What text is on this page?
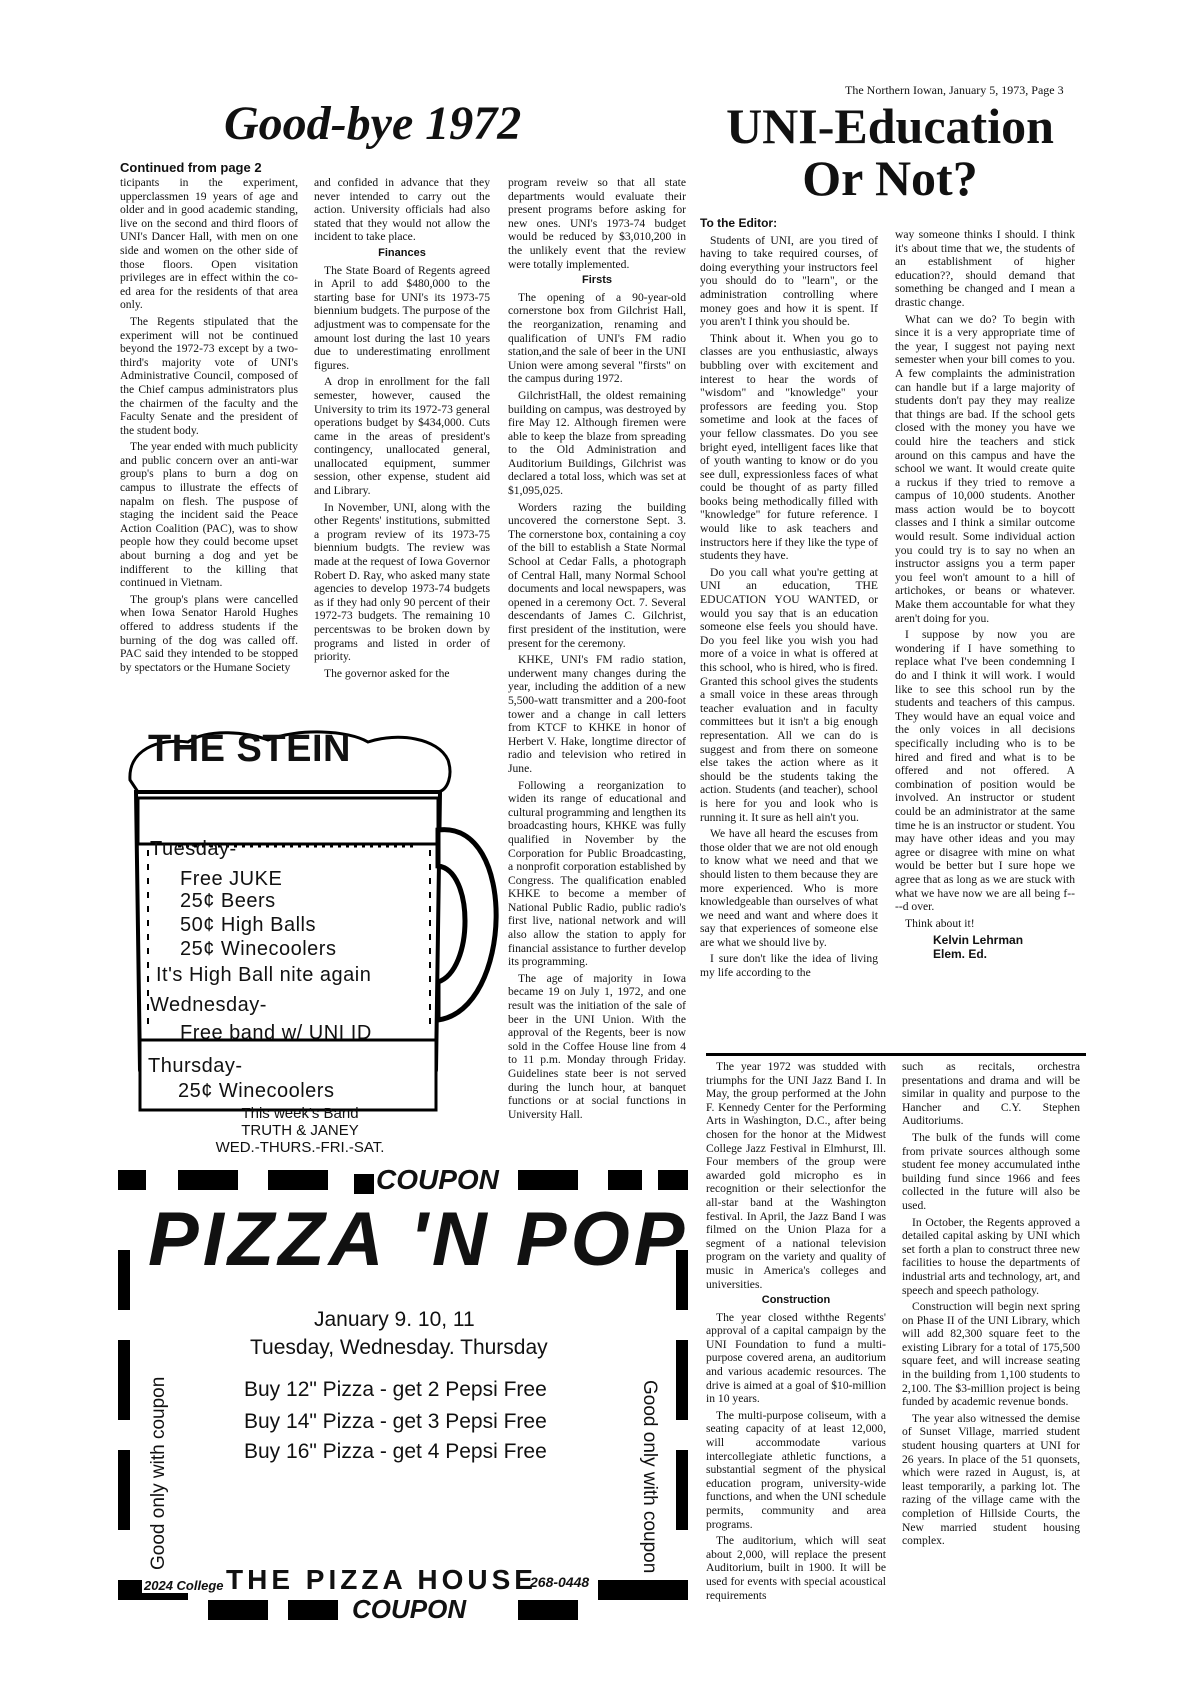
The Northern Iowan, January 5, 1973, Page 3
Good-bye 1972
Continued from page 2

ticipants in the experiment, upperclassmen 19 years of age and older and in good academic standing, live on the second and third floors of UNI's Dancer Hall, with men on one side and women on the other side of those floors. Open visitation privileges are in effect within the co-ed area for the residents of that area only.

The Regents stipulated that the experiment will not be continued beyond the 1972-73 except by a two-third's majority vote of UNI's Administrative Council, composed of the Chief campus administrators plus the chairmen of the faculty and the Faculty Senate and the president of the student body.

The year ended with much publicity and public concern over an anti-war group's plans to burn a dog on campus to illustrate the effects of napalm on flesh. The puspose of staging the incident said the Peace Action Coalition (PAC), was to show people how they could become upset about burning a dog and yet be indifferent to the killing that continued in Vietnam.

The group's plans were cancelled when Iowa Senator Harold Hughes offered to address students if the burning of the dog was called off. PAC said they intended to be stopped by spectators or the Humane Society

and confided in advance that they never intended to carry out the action. University officials had also stated that they would not allow the incident to take place.

Finances

The State Board of Regents agreed in April to add $480,000 to the starting base for UNI's its 1973-75 biennium budgets. The purpose of the adjustment was to compensate for the amount lost during the last 10 years due to underestimating enrollment figures.

A drop in enrollment for the fall semester, however, caused the University to trim its 1972-73 general operations budget by $434,000. Cuts came in the areas of president's contingency, unallocated general, unallocated equipment, summer session, other expense, student aid and Library.

In November, UNI, along with the other Regents' institutions, submitted a program review of its 1973-75 biennium budgts. The review was made at the request of Iowa Governor Robert D. Ray, who asked many state agencies to develop 1973-74 budgets as if they had only 90 percent of their 1972-73 budgets. The remaining 10 percentswas to be broken down by programs and listed in order of priority.

The governor asked for the

program reveiw so that all state departments would evaluate their present programs before asking for new ones. UNI's 1973-74 budget would be reduced by $3,010,200 in the unlikely event that the review were totally implemented.

Firsts

The opening of a 90-year-old cornerstone box from Gilchrist Hall, the reorganization, renaming and qualification of UNI's FM radio station,and the sale of beer in the UNI Union were among several "firsts" on the campus during 1972.

GilchristHall, the oldest remaining building on campus, was destroyed by fire May 12. Although firemen were able to keep the blaze from spreading to the Old Administration and Auditorium Buildings, Gilchrist was declared a total loss, which was set at $1,095,025.

Worders razing the building uncovered the cornerstone Sept. 3. The cornerstone box, containing a coy of the bill to establish a State Normal School at Cedar Falls, a photograph of Central Hall, many Normal School documents and local newspapers, was opened in a ceremony Oct. 7. Several descendants of James C. Gilchrist, first president of the institution, were present for the ceremony.

KHKE, UNI's FM radio station, underwent many changes during the year, including the addition of a new 5,500-watt transmitter and a 200-foot tower and a change in call letters from KTCF to KHKE in honor of Herbert V. Hake, longtime director of radio and television who retired in June.

Following a reorganization to widen its range of educational and cultural programming and lengthen its broadcasting hours, KHKE was fully qualified in November by the Corporation for Public Broadcasting, a nonprofit corporation established by Congress. The qualification enabled KHKE to become a member of National Public Radio, public radio's first live, national network and will also allow the station to apply for financial assistance to further develop its programming.

The age of majority in Iowa became 19 on July 1, 1972, and one result was the initiation of the sale of beer in the UNI Union. With the approval of the Regents, beer is now sold in the Coffee House line from 4 to 11 p.m. Monday through Friday. Guidelines state beer is not served during the lunch hour, at banquet functions or at social functions in University Hall.

UNI-Education
Or Not?
To the Editor:

Students of UNI, are you tired of having to take required courses, of doing everything your instructors feel you should do to "learn", or the administration controlling where money goes and how it is spent. If you aren't I think you should be.

Think about it. When you go to classes are you enthusiastic, always bubbling over with excitement and interest to hear the words of "wisdom" and "knowledge" your professors are feeding you. Stop sometime and look at the faces of your fellow classmates. Do you see bright eyed, intelligent faces like that of youth wanting to know or do you see dull, expressionless faces of what could be thought of as party filled books being methodically filled with "knowledge" for future reference. I would like to ask teachers and instructors here if they like the type of students they have.

Do you call what you're getting at UNI an education, THE EDUCATION YOU WANTED, or would you say that is an education someone else feels you should have. Do you feel like you wish you had more of a voice in what is offered at this school, who is hired, who is fired. Granted this school gives the students a small voice in these areas through teacher evaluation and in faculty committees but it isn't a big enough representation. All we can do is suggest and from there on someone else takes the action where as it should be the students taking the action. Students (and teacher), school is here for you and look who is running it. It sure as hell ain't you.

We have all heard the escuses from those older that we are not old enough to know what we need and that we should listen to them because they are more experienced. Who is more knowledgeable than ourselves of what we need and want and where does it say that experiences of someone else are what we should live by.

I sure don't like the idea of living my life according to the

way someone thinks I should. I think it's about time that we, the students of an establishment of higher education??, should demand that something be changed and I mean a drastic change.

What can we do? To begin with since it is a very appropriate time of the year, I suggest not paying next semester when your bill comes to you. A few complaints the administration can handle but if a large majority of students don't pay they may realize that things are bad. If the school gets closed with the money you have we could hire the teachers and stick around on this campus and have the school we want. It would create quite a ruckus if they tried to remove a campus of 10,000 students. Another mass action would be to boycott classes and I think a similar outcome would result. Some individual action you could try is to say no when an instructor assigns you a term paper you feel won't amount to a hill of artichokes, or beans or whatever. Make them accountable for what they aren't doing for you.

I suppose by now you are wondering if I have something to replace what I've been condemning I do and I think it will work. I would like to see this school run by the students and teachers of this campus. They would have an equal voice and the only voices in all decisions specifically including who is to be hired and fired and what is to be offered and not offered. A combination of position would be involved. An instructor or student could be an administrator at the same time he is an instructor or student. You may have other ideas and you may agree or disagree with mine on what would be better but I sure hope we agree that as long as we are stuck with what we have now we are all being f----d over.

Think about it!

Kelvin Lehrman
Elem. Ed.

The year 1972 was studded with triumphs for the UNI Jazz Band I. In May, the group performed at the John F. Kennedy Center for the Performing Arts in Washington, D.C., after being chosen for the honor at the Midwest College Jazz Festival in Elmhurst, Ill. Four members of the group were awarded gold micropho es in recognition or their selectionfor the all-star band at the Washington festival. In April, the Jazz Band I was filmed on the Union Plaza for a segment of a national television program on the variety and quality of music in America's colleges and universities.

Construction

The year closed withthe Regents' approval of a capital campaign by the UNI Foundation to fund a multi-purpose covered arena, an auditorium and various academic resources. The drive is aimed at a goal of $10-million in 10 years.

The multi-purpose coliseum, with a seating capacity of at least 12,000, will accommodate various intercollegiate athletic functions, a substantial segment of the physical education program, university-wide functions, and when the UNI schedule permits, community and area programs.

The auditorium, which will seat about 2,000, will replace the present Auditorium, built in 1900. It will be used for events with special acoustical requirements

such as recitals, orchestra presentations and drama and will be similar in quality and purpose to the Hancher and C.Y. Stephen Auditoriums.

The bulk of the funds will come from private sources although some student fee money accumulated inthe building fund since 1966 and fees collected in the future will also be used.

In October, the Regents approved a detailed capital asking by UNI which set forth a plan to construct three new facilities to house the departments of industrial arts and technology, art, and speech and speech pathology.

Construction will begin next spring on Phase II of the UNI Library, which will add 82,300 square feet to the existing Library for a total of 175,500 square feet, and will increase seating in the building from 1,100 students to 2,100. The $3-million project is being funded by academic revenue bonds.

The year also witnessed the demise of Sunset Village, married student student housing quarters at UNI for 26 years. In place of the 51 quonsets, which were razed in August, is, at least temporarily, a parking lot. The razing of the village came with the completion of Hillside Courts, the New married student housing complex.

THE STEIN
Tuesday-
Free JUKE
25¢ Beers
50¢ High Balls
25¢ Winecoolers
It's High Ball nite again
Wednesday-
Free band w/ UNI ID
Thursday-
25¢ Winecoolers
This week's Band
TRUTH & JANEY
WED.-THURS.-FRI.-SAT.
COUPON
PIZZA 'N POP
Good only with coupon	Good only with coupon
January 9. 10, 11
Tuesday, Wednesday. Thursday
Buy 12" Pizza - get 2 Pepsi Free
Buy 14" Pizza - get 3 Pepsi Free
Buy 16" Pizza - get 4 Pepsi Free
2024 College THE PIZZA HOUSE
268-0448
COUPON
